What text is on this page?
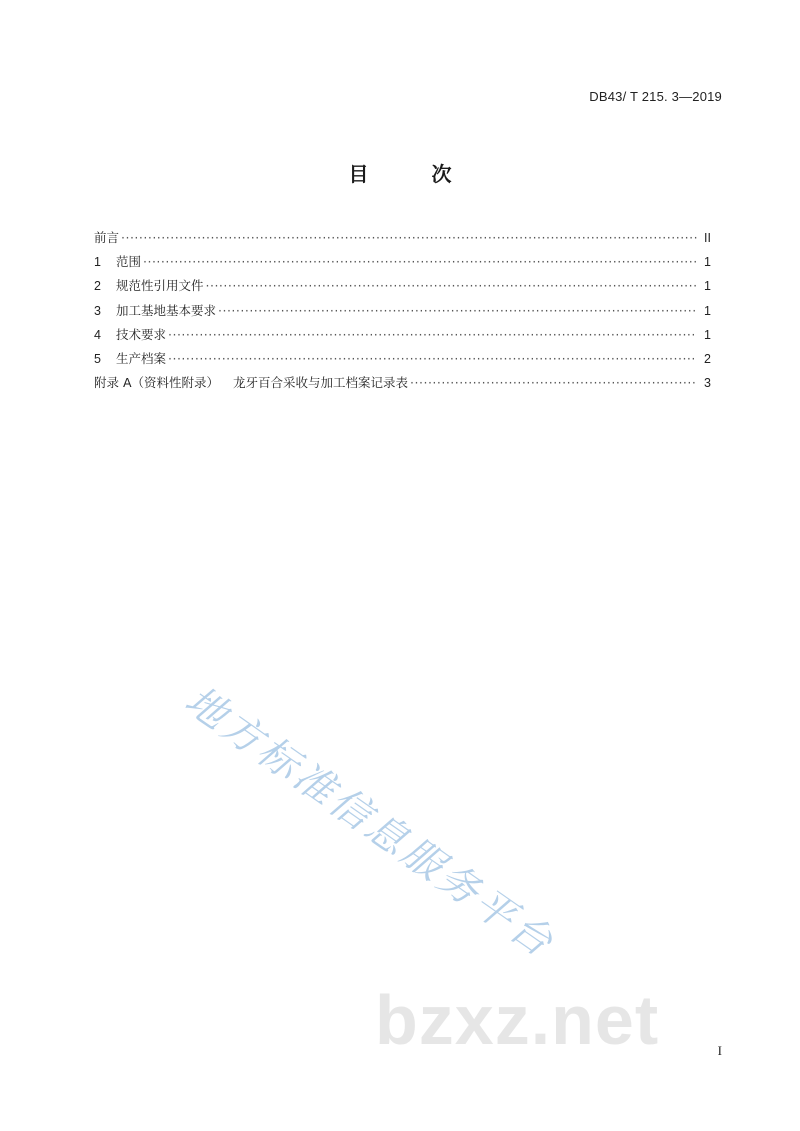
DB43/ T 215. 3—2019
目 次
前言 ·····	II
1	范围 ·····	1
2	规范性引用文件 ·····	1
3	加工基地基本要求 ·····	1
4	技术要求 ·····	1
5	生产档案 ·····	2
附录 A（资料性附录） 龙牙百合采收与加工档案记录表 ·····	3
地方标准信息服务平台
bzxz.net	I
